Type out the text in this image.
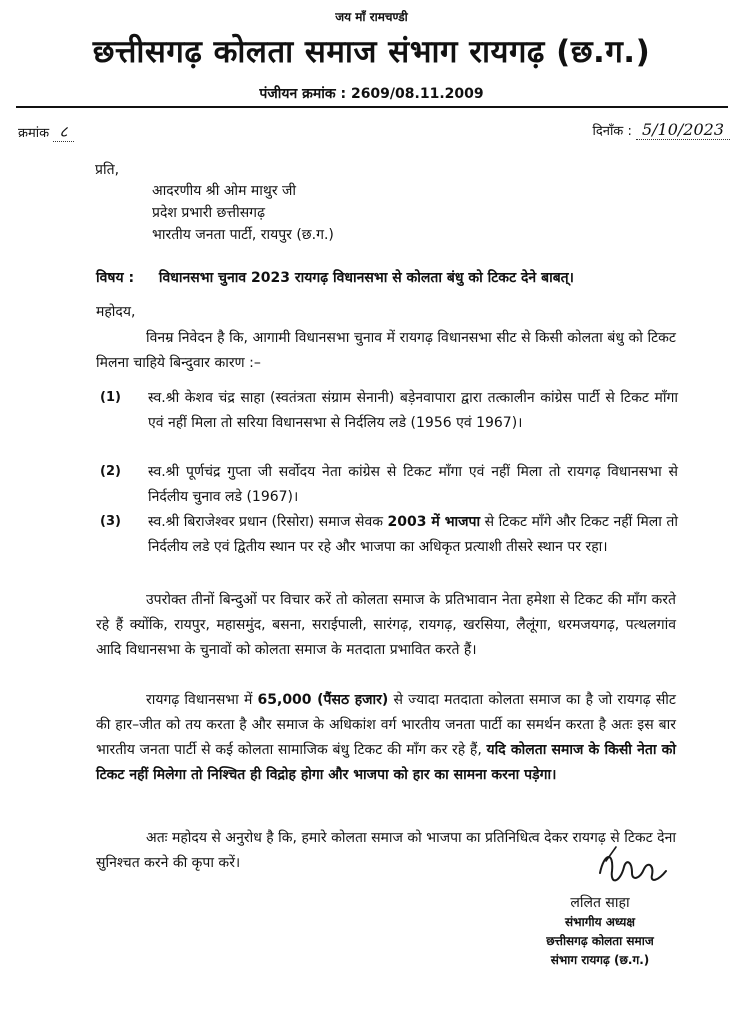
जय माँ रामचण्डी
छत्तीसगढ़ कोलता समाज संभाग रायगढ़ (छ.ग.)
पंजीयन क्रमांक : 2609/08.11.2009
क्रमांक ८	दिनाँक : 5/10/2023
प्रति,
आदरणीय श्री ओम माथुर जी
प्रदेश प्रभारी छत्तीसगढ़
भारतीय जनता पार्टी, रायपुर (छ.ग.)
विषय : विधानसभा चुनाव 2023 रायगढ़ विधानसभा से कोलता बंधु को टिकट देने बाबत्।
महोदय,
विनम्र निवेदन है कि, आगामी विधानसभा चुनाव में रायगढ़ विधानसभा सीट से किसी कोलता बंधु को टिकट मिलना चाहिये बिन्दुवार कारण :–
(1) स्व.श्री केशव चंद्र साहा (स्वतंत्रता संग्राम सेनानी) बड़ेनवापारा द्वारा तत्कालीन कांग्रेस पार्टी से टिकट माँगा एवं नहीं मिला तो सरिया विधानसभा से निर्दलिय लडे (1956 एवं 1967)।
(2) स्व.श्री पूर्णचंद्र गुप्ता जी सर्वोदय नेता कांग्रेस से टिकट माँगा एवं नहीं मिला तो रायगढ़ विधानसभा से निर्दलीय चुनाव लडे (1967)।
(3) स्व.श्री बिराजेश्वर प्रधान (रिसोरा) समाज सेवक 2003 में भाजपा से टिकट माँगे और टिकट नहीं मिला तो निर्दलीय लडे एवं द्वितीय स्थान पर रहे और भाजपा का अधिकृत प्रत्याशी तीसरे स्थान पर रहा।
उपरोक्त तीनों बिन्दुओं पर विचार करें तो कोलता समाज के प्रतिभावान नेता हमेशा से टिकट की माँग करते रहे हैं क्योंकि, रायपुर, महासमुंद, बसना, सराईपाली, सारंगढ़, रायगढ़, खरसिया, लैलूंगा, धरमजयगढ़, पत्थलगांव आदि विधानसभा के चुनावों को कोलता समाज के मतदाता प्रभावित करते हैं।
रायगढ़ विधानसभा में 65,000 (पैंसठ हजार) से ज्यादा मतदाता कोलता समाज का है जो रायगढ़ सीट की हार–जीत को तय करता है और समाज के अधिकांश वर्ग भारतीय जनता पार्टी का समर्थन करता है अतः इस बार भारतीय जनता पार्टी से कई कोलता सामाजिक बंधु टिकट की माँग कर रहे हैं, यदि कोलता समाज के किसी नेता को टिकट नहीं मिलेगा तो निश्चित ही विद्रोह होगा और भाजपा को हार का सामना करना पड़ेगा।
अतः महोदय से अनुरोध है कि, हमारे कोलता समाज को भाजपा का प्रतिनिधित्व देकर रायगढ़ से टिकट देना सुनिश्चत करने की कृपा करें।
ललित साहा
संभागीय अध्यक्ष
छत्तीसगढ़ कोलता समाज
संभाग रायगढ़ (छ.ग.)
